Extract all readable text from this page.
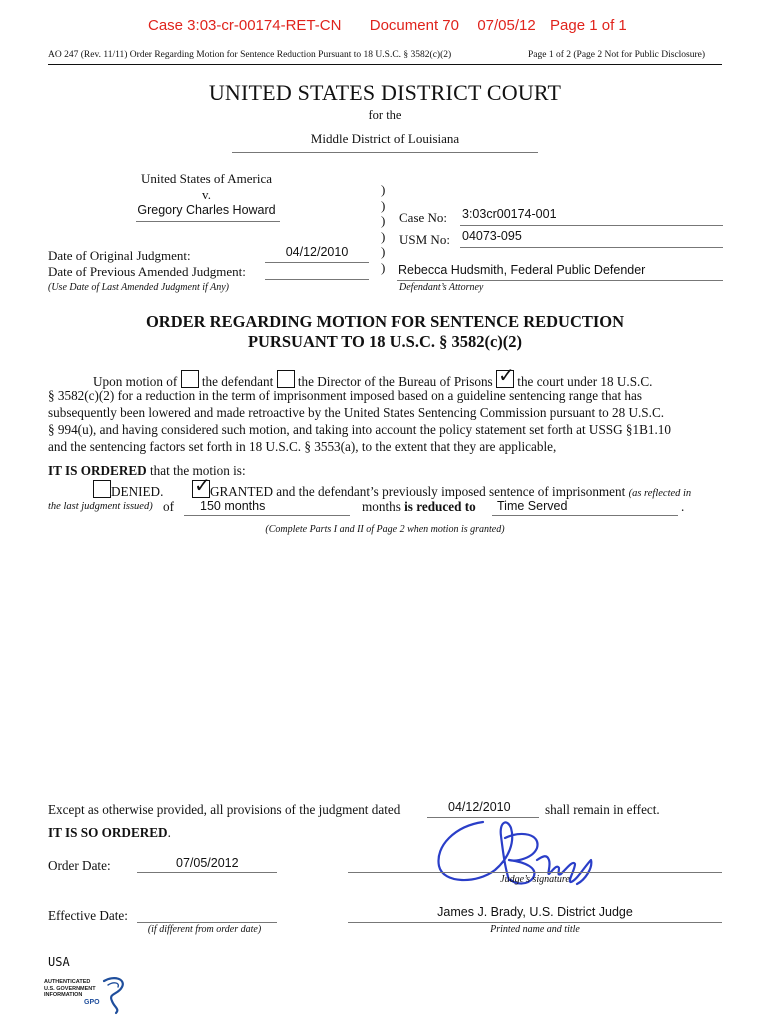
Case 3:03-cr-00174-RET-CN Document 70 07/05/12 Page 1 of 1
AO 247 (Rev. 11/11) Order Regarding Motion for Sentence Reduction Pursuant to 18 U.S.C. § 3582(c)(2)	Page 1 of 2 (Page 2 Not for Public Disclosure)
UNITED STATES DISTRICT COURT
for the
Middle District of Louisiana
United States of America
v.
Gregory Charles Howard
Date of Original Judgment:	04/12/2010
Date of Previous Amended Judgment:
(Use Date of Last Amended Judgment if Any)
)
)
)
)
)
)
Case No: 3:03cr00174-001
USM No: 04073-095
Rebecca Hudsmith, Federal Public Defender
Defendant’s Attorney
ORDER REGARDING MOTION FOR SENTENCE REDUCTION
PURSUANT TO 18 U.S.C. § 3582(c)(2)
Upon motion of the defendant the Director of the Bureau of Prisons ✓ the court under 18 U.S.C.
§ 3582(c)(2) for a reduction in the term of imprisonment imposed based on a guideline sentencing range that has
subsequently been lowered and made retroactive by the United States Sentencing Commission pursuant to 28 U.S.C.
§ 994(u), and having considered such motion, and taking into account the policy statement set forth at USSG §1B1.10
and the sentencing factors set forth in 18 U.S.C. § 3553(a), to the extent that they are applicable,
IT IS ORDERED that the motion is:
DENIED. ✓ GRANTED and the defendant’s previously imposed sentence of imprisonment (as reflected in
the last judgment issued) of 150 months	months is reduced to Time Served	.
(Complete Parts I and II of Page 2 when motion is granted)
Except as otherwise provided, all provisions of the judgment dated	04/12/2010	shall remain in effect.
IT IS SO ORDERED.
Order Date:	07/05/2012
Judge’s signature
Effective Date:
(if different from order date)
James J. Brady, U.S. District Judge
Printed name and title
USA
AUTHENTICATED
U.S. GOVERNMENT
INFORMATION
GPO
